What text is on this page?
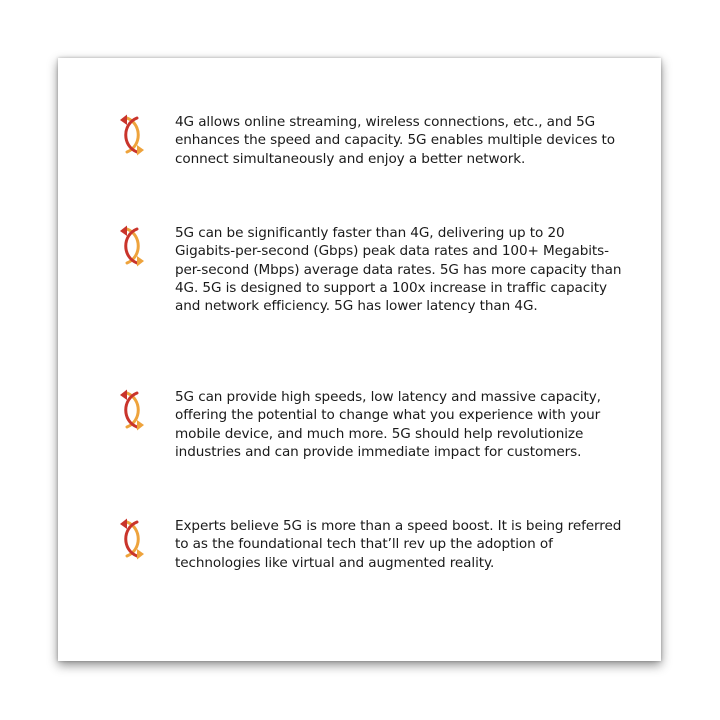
4G allows online streaming, wireless connections, etc., and 5G enhances the speed and capacity. 5G enables multiple devices to connect simultaneously and enjoy a better network.

5G can be significantly faster than 4G, delivering up to 20 Gigabits-per-second (Gbps) peak data rates and 100+ Megabits-per-second (Mbps) average data rates. 5G has more capacity than 4G. 5G is designed to support a 100x increase in traffic capacity and network efficiency. 5G has lower latency than 4G.

5G can provide high speeds, low latency and massive capacity, offering the potential to change what you experience with your mobile device, and much more. 5G should help revolutionize industries and can provide immediate impact for customers.

Experts believe 5G is more than a speed boost. It is being referred to as the foundational tech that’ll rev up the adoption of technologies like virtual and augmented reality.
